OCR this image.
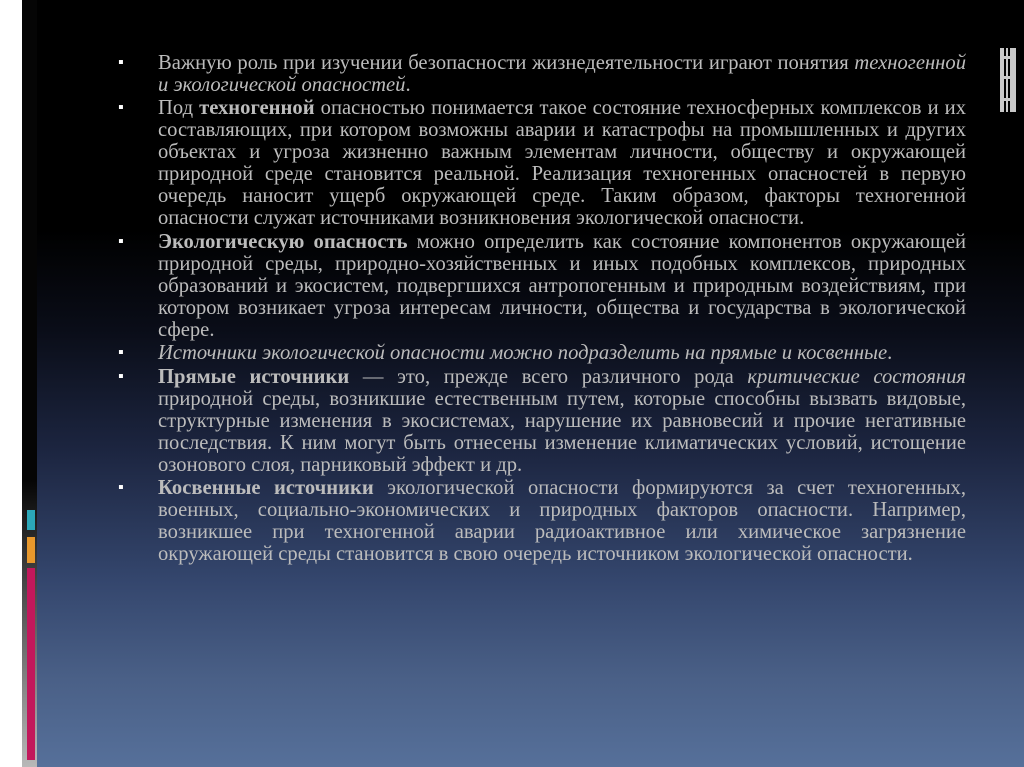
▪ Важную роль при изучении безопасности жизнедеятельности играют понятия техногенной и экологической опасностей.
▪ Под техногенной опасностью понимается такое состояние техносферных комплексов и их составляющих, при котором возможны аварии и катастрофы на промышленных и других объектах и угроза жизненно важным элементам личности, обществу и окружающей природной среде становится реальной. Реализация техногенных опасностей в первую очередь наносит ущерб окружающей среде. Таким образом, факторы техногенной опасности служат источниками возникновения экологической опасности.
▪ Экологическую опасность можно определить как состояние компонентов окружающей природной среды, природно-хозяйственных и иных подобных комплексов, природных образований и экосистем, подвергшихся антропогенным и природным воздействиям, при котором возникает угроза интересам личности, общества и государства в экологической сфере.
▪ Источники экологической опасности можно подразделить на прямые и косвенные.
▪ Прямые источники — это, прежде всего различного рода критические состояния природной среды, возникшие естественным путем, которые способны вызвать видовые, структурные изменения в экосистемах, нарушение их равновесий и прочие негативные последствия. К ним могут быть отнесены изменение климатических условий, истощение озонового слоя, парниковый эффект и др.
▪ Косвенные источники экологической опасности формируются за счет техногенных, военных, социально-экономических и природных факторов опасности. Например, возникшее при техногенной аварии радиоактивное или химическое загрязнение окружающей среды становится в свою очередь источником экологической опасности.
